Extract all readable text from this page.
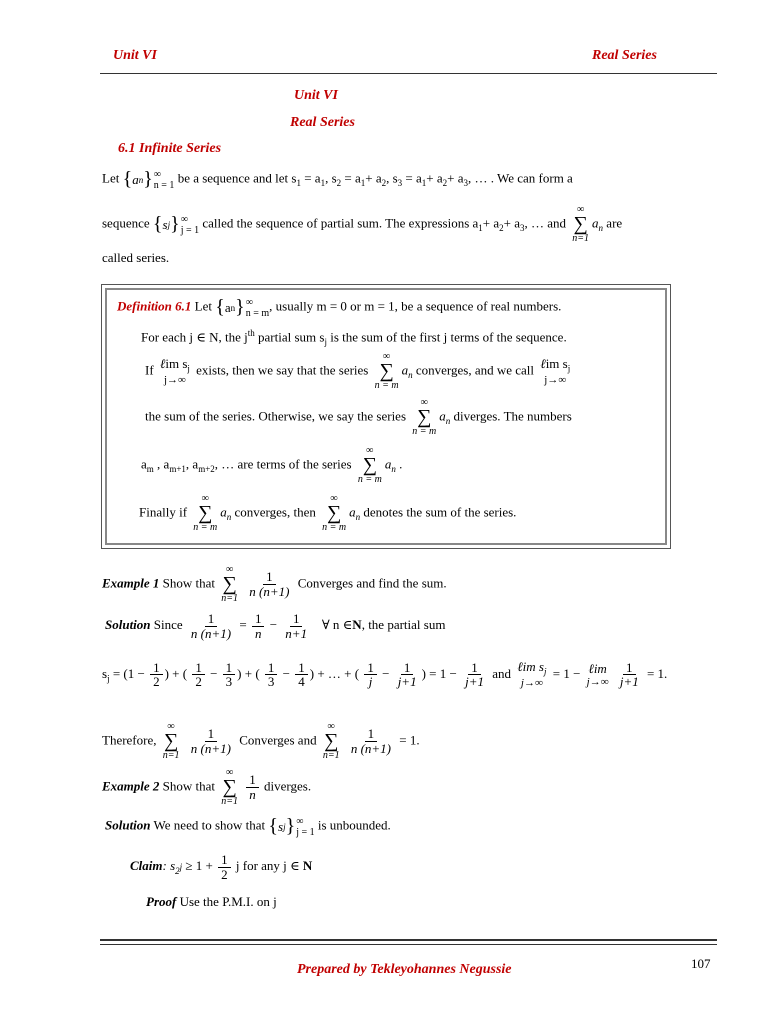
Unit VI	Real Series
Unit VI
Real Series
6.1 Infinite Series
Let { a n } ∞
n = 1 be a sequence and let $s_1 = a_1$, $s_2 = a_1+ a_2$, $s_3 = a_1+ a_2+ a_3$, … . We can form a
sequence { s j } ∞
j = 1 called the sequence of partial sum. The expressions $a_1+ a_2+ a_3$, … and
∞
∑
n=1
$a_n$ are
called series.
Definition 6.1 Let { a n } ∞
n = m , usually m = 0 or m = 1, be a sequence of real numbers.
For each j ∈ N, the $j^{th}$ partial sum $s_j$ is the sum of the first j terms of the sequence.
If ℓim $s_j$
j→∞
exists, then we say that the series
∞
∑
n = m
$a_n$ converges, and we call ℓim $s_j$
j→∞
the sum of the series. Otherwise, we say the series
∞
∑
n = m
$a_n$ diverges. The numbers
$a_m$ , $a_{m+1}$, $a_{m+2}$, … are terms of the series
∞
∑
n = m
$a_n$ .
Finally if
∞
∑
n = m
$a_n$ converges, then
∞
∑
n = m
$a_n$ denotes the sum of the series.
Example 1 Show that
∞
∑
n=1
$\frac{1}{n (n+1)}$ Converges and find the sum.
Solution Since $\frac{1}{n (n+1)} = \frac{1}{n} - \frac{1}{n+1}$ ∀ n ∈N, the partial sum
$s_j = (1 - \frac{1}{2}$ ) + ( $\frac{1}{2} - \frac{1}{3}$ ) + ( $\frac{1}{3} - \frac{1}{4}$ ) + … + ( $\frac{1}{j} - \frac{1}{j+1}$ ) = $1 - \frac{1}{j+1}$ and ℓim $s_j$
j→∞
= 1 − ℓim
j→∞
$\frac{1}{j+1} = 1$.
Therefore,
∞
∑
n=1
$\frac{1}{n (n+1)}$ Converges and
∞
∑
n=1
$\frac{1}{n (n+1)} = 1$.
Example 2 Show that
∞
∑
n=1
$\frac{1}{n}$ diverges.
Solution We need to show that { s j } ∞
j = 1 is unbounded.
Claim: $s_{2^j} \ge 1 + \frac{1}{2}$ j for any j ∈ N
Proof Use the P.M.I. on j
Prepared by Tekleyohannes Negussie	107
